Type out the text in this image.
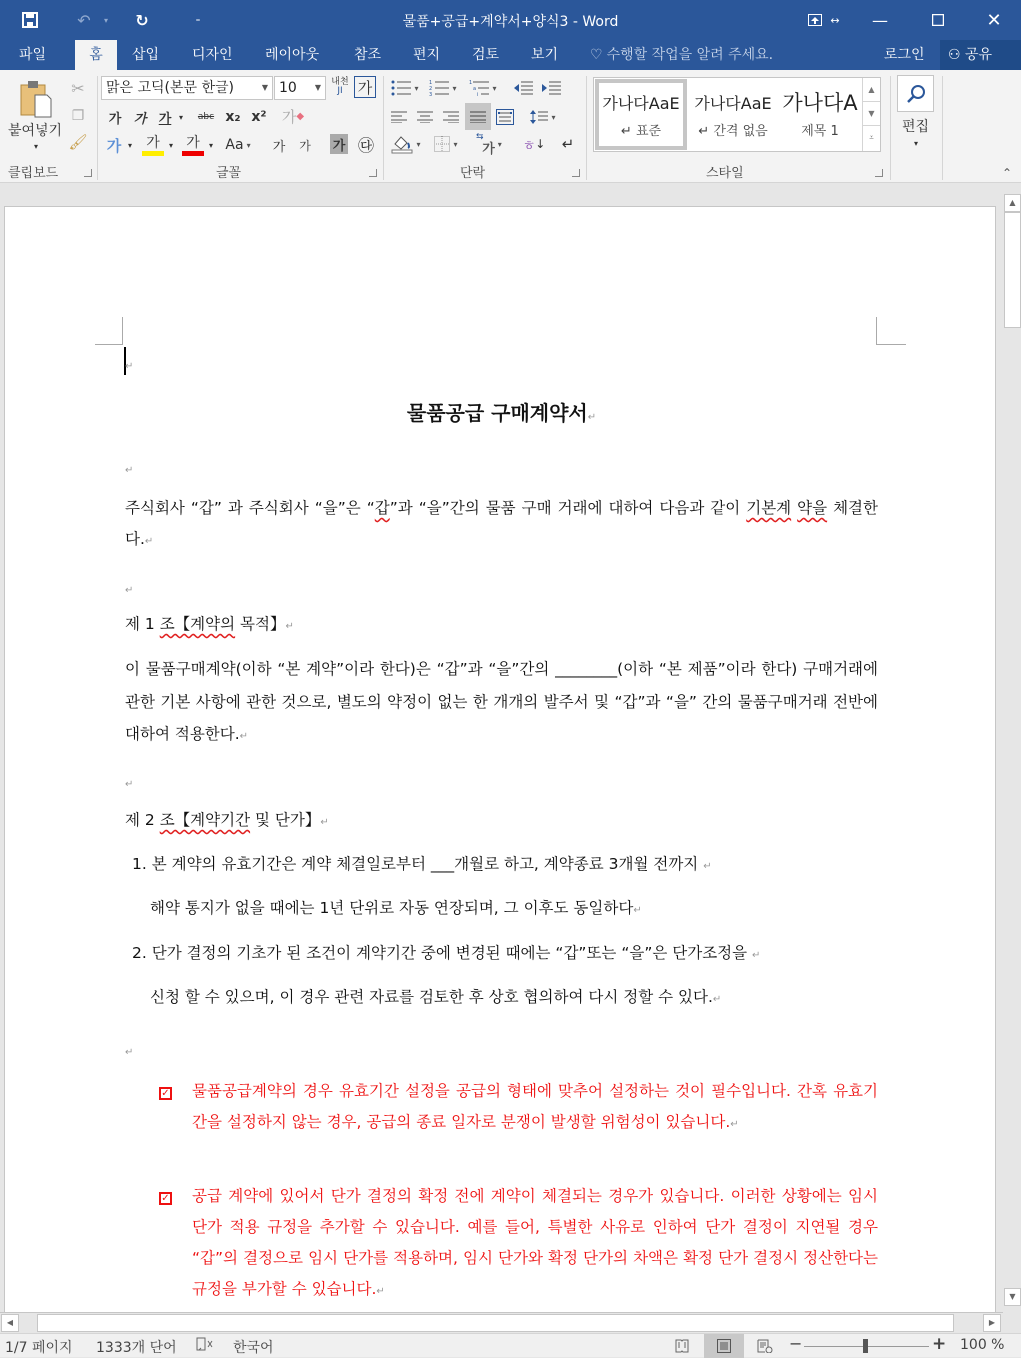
↶	▾	↻	₌	물품+공급+계약서+양식3 - Word	↔	—	✕
파일	홈	삽입	디자인	레이아웃	참조	편지	검토	보기	♡ 수행할 작업을 알려 주세요.	로그인	⚇ 공유
붙여넣기
▾
✂
❐
🖌
클립보드
맑은 고딕(본문 한글)	▼ 10 ▼
내천
JI 가
가 가 가 ▾	abc x₂ x² 가 ◆
가 ▾	가	▾ 가	▾ Aa ▾ 가 가 가 ㉰
글꼴
▾
1
2
3
▾
1
a
i
▾
▾
▾	▾
⇆
가 ▾ ㅎ ↓	↵
단락
가나다AaE
↵ 표준
가나다AaE
↵ 간격 없음
가나다A
제목 1
▲
▼
⩡
스타일
편집
▾
⌃
↵
물품공급 구매계약서↵
↵
주식회사 “갑” 과 주식회사 “을”은 “갑”과 “을”간의 물품 구매 거래에 대하여 다음과 같이 기본계 약을 체결한다.↵
↵
제 1 조【계약의 목적】↵
이 물품구매계약(이하 “본 계약”이라 한다)은 “갑”과 “을”간의 ________(이하 “본 제품”이라 한다) 구매거래에 관한 기본 사항에 관한 것으로, 별도의 약정이 없는 한 개개의 발주서 및 “갑”과 “을” 간의 물품구매거래 전반에 대하여 적용한다.↵
↵
제 2 조【계약기간 및 단가】↵
1. 본 계약의 유효기간은 계약 체결일로부터 ___개월로 하고, 계약종료 3개월 전까지 ↵
해약 통지가 없을 때에는 1년 단위로 자동 연장되며, 그 이후도 동일하다↵
2. 단가 결정의 기초가 된 조건이 계약기간 중에 변경된 때에는 “갑”또는 “을”은 단가조정을 ↵
신청 할 수 있으며, 이 경우 관련 자료를 검토한 후 상호 협의하여 다시 정할 수 있다.↵
↵
✓ 물품공급계약의 경우 유효기간 설정을 공급의 형태에 맞추어 설정하는 것이 필수입니다. 간혹 유효기간을 설정하지 않는 경우, 공급의 종료 일자로 분쟁이 발생할 위험성이 있습니다.↵
✓ 공급 계약에 있어서 단가 결정의 확정 전에 계약이 체결되는 경우가 있습니다. 이러한 상황에는 임시 단가 적용 규정을 추가할 수 있습니다. 예를 들어, 특별한 사유로 인하여 단가 결정이 지연될 경우 “갑”의 결정으로 임시 단가를 적용하며, 임시 단가와 확정 단가의 차액은 확정 단가 결정시 정산한다는 규정을 부가할 수 있습니다.↵
▲
▼
◀	▶
1/7 페이지 1333개 단어	한국어	−	+ 100 %
